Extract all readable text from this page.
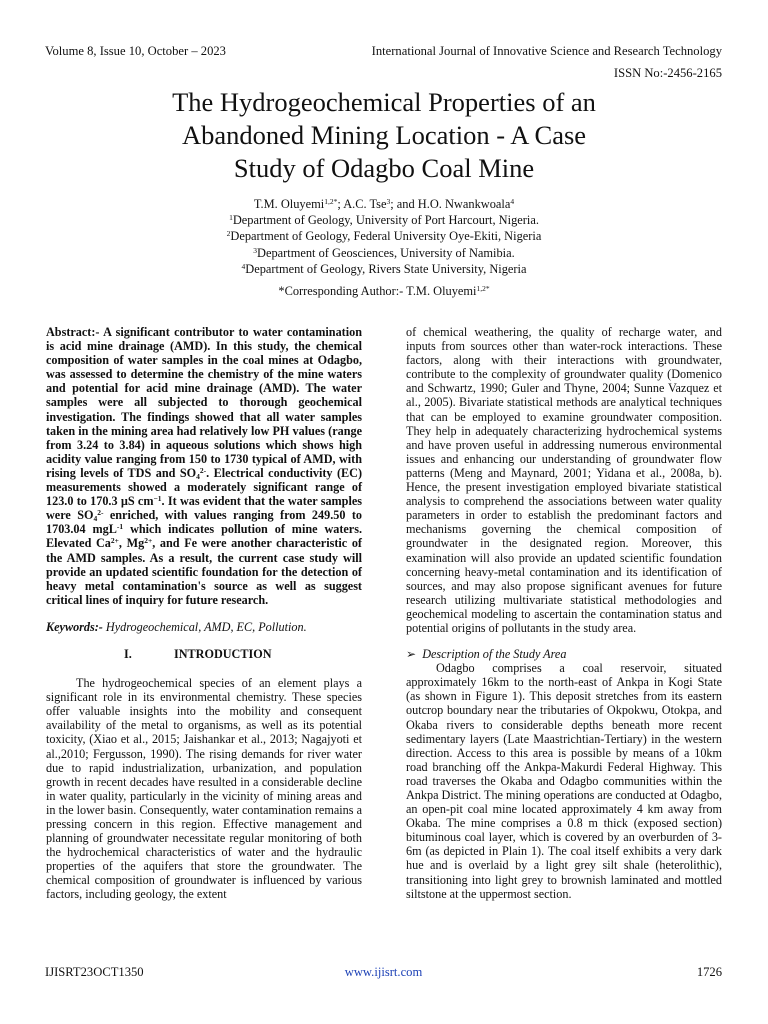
Volume 8, Issue 10, October – 2023	International Journal of Innovative Science and Research Technology
ISSN No:-2456-2165
The Hydrogeochemical Properties of an
Abandoned Mining Location - A Case
Study of Odagbo Coal Mine

T.M. Oluyemi$^{1,2*}$; A.C. Tse$^3$; and H.O. Nwankwoala$^4$

$^1$Department of Geology, University of Port Harcourt, Nigeria.

$^2$Department of Geology, Federal University Oye-Ekiti, Nigeria

$^3$Department of Geosciences, University of Namibia.

$^4$Department of Geology, Rivers State University, Nigeria

*Corresponding Author:- T.M. Oluyemi$^{1,2*}$

Abstract:- A significant contributor to water contamination is acid mine drainage (AMD). In this study, the chemical composition of water samples in the coal mines at Odagbo, was assessed to determine the chemistry of the mine waters and potential for acid mine drainage (AMD). The water samples were all subjected to thorough geochemical investigation. The findings showed that all water samples taken in the mining area had relatively low PH values (range from 3.24 to 3.84) in aqueous solutions which shows high acidity value ranging from 150 to 1730 typical of AMD, with rising levels of TDS and $SO_4^{2-}$. Electrical conductivity (EC) measurements showed a moderately significant range of 123.0 to 170.3 µS $cm^{-1}$. It was evident that the water samples were $SO_4^{2-}$ enriched, with values ranging from 249.50 to 1703.04 mgL$^{-1}$ which indicates pollution of mine waters. Elevated $Ca^{2+}$, $Mg^{2+}$, and Fe were another characteristic of the AMD samples. As a result, the current case study will provide an updated scientific foundation for the detection of heavy metal contamination's source as well as suggest critical lines of inquiry for future research.

Keywords:- Hydrogeochemical, AMD, EC, Pollution.

I.	INTRODUCTION

The hydrogeochemical species of an element plays a significant role in its environmental chemistry. These species offer valuable insights into the mobility and consequent availability of the metal to organisms, as well as its potential toxicity, (Xiao et al., 2015; Jaishankar et al., 2013; Nagajyoti et al.,2010; Fergusson, 1990). The rising demands for river water due to rapid industrialization, urbanization, and population growth in recent decades have resulted in a considerable decline in water quality, particularly in the vicinity of mining areas and in the lower basin. Consequently, water contamination remains a pressing concern in this region. Effective management and planning of groundwater necessitate regular monitoring of both the hydrochemical characteristics of water and the hydraulic properties of the aquifers that store the groundwater. The chemical composition of groundwater is influenced by various factors, including geology, the extent

of chemical weathering, the quality of recharge water, and inputs from sources other than water-rock interactions. These factors, along with their interactions with groundwater, contribute to the complexity of groundwater quality (Domenico and Schwartz, 1990; Guler and Thyne, 2004; Sunne Vazquez et al., 2005). Bivariate statistical methods are analytical techniques that can be employed to examine groundwater composition. They help in adequately characterizing hydrochemical systems and have proven useful in addressing numerous environmental issues and enhancing our understanding of groundwater flow patterns (Meng and Maynard, 2001; Yidana et al., 2008a, b). Hence, the present investigation employed bivariate statistical analysis to comprehend the associations between water quality parameters in order to establish the predominant factors and mechanisms governing the chemical composition of groundwater in the designated region. Moreover, this examination will also provide an updated scientific foundation concerning heavy-metal contamination and its identification of sources, and may also propose significant avenues for future research utilizing multivariate statistical methodologies and geochemical modeling to ascertain the contamination status and potential origins of pollutants in the study area.

➢ Description of the Study Area

Odagbo comprises a coal reservoir, situated approximately 16km to the north-east of Ankpa in Kogi State (as shown in Figure 1). This deposit stretches from its eastern outcrop boundary near the tributaries of Okpokwu, Otokpa, and Okaba rivers to considerable depths beneath more recent sedimentary layers (Late Maastrichtian-Tertiary) in the western direction. Access to this area is possible by means of a 10km road branching off the Ankpa-Makurdi Federal Highway. This road traverses the Okaba and Odagbo communities within the Ankpa District. The mining operations are conducted at Odagbo, an open-pit coal mine located approximately 4 km away from Okaba. The mine comprises a 0.8 m thick (exposed section) bituminous coal layer, which is covered by an overburden of 3-6m (as depicted in Plain 1). The coal itself exhibits a very dark hue and is overlaid by a light grey silt shale (heterolithic), transitioning into light grey to brownish laminated and mottled siltstone at the uppermost section.

IJISRT23OCT1350	www.ijisrt.com	1726
